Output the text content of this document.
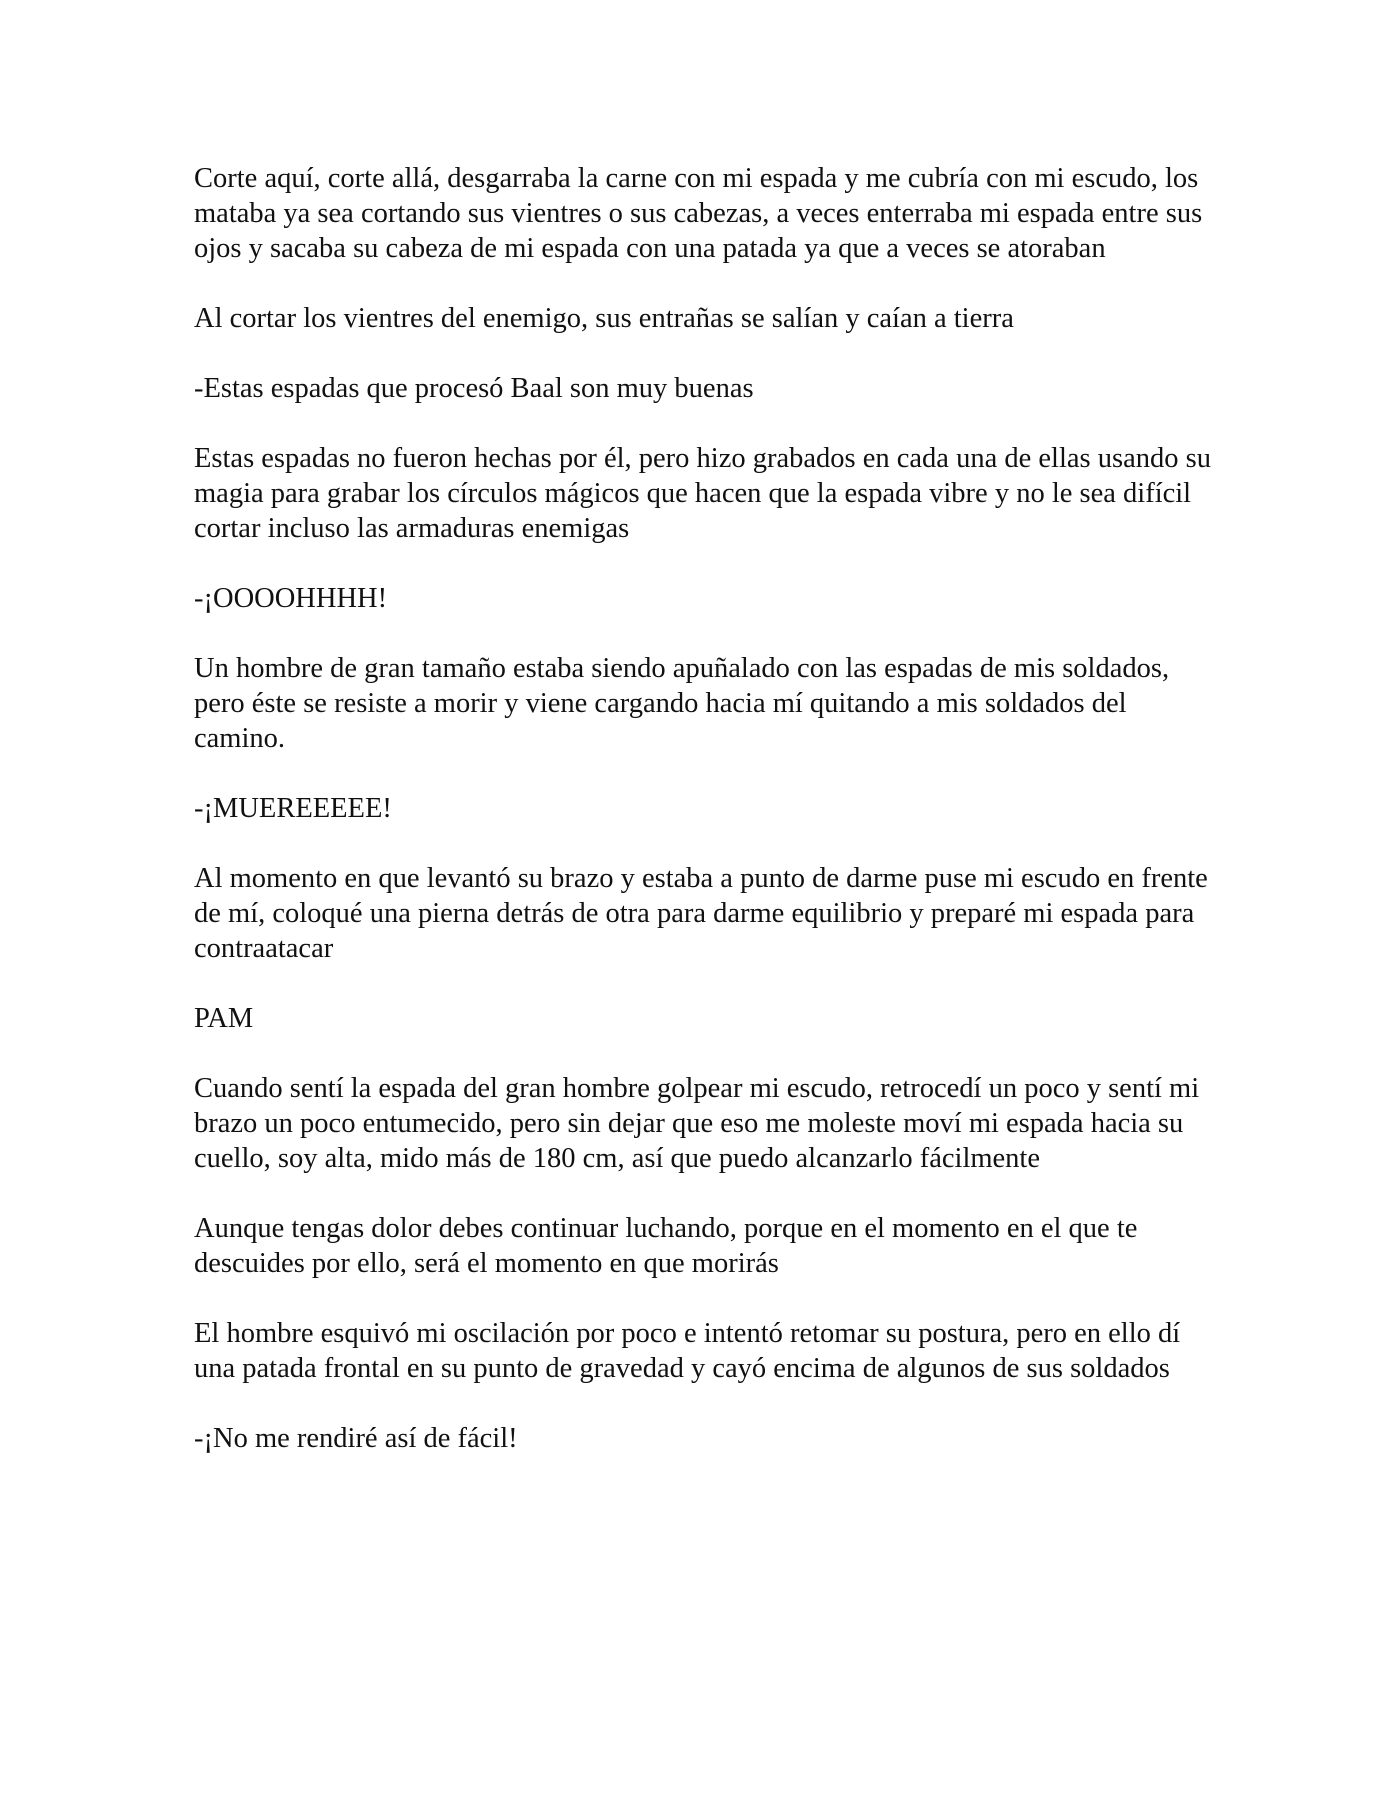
Corte aquí, corte allá, desgarraba la carne con mi espada y me cubría con mi escudo, los mataba ya sea cortando sus vientres o sus cabezas, a veces enterraba mi espada entre sus ojos y sacaba su cabeza de mi espada con una patada ya que a veces se atoraban

Al cortar los vientres del enemigo, sus entrañas se salían y caían a tierra

-Estas espadas que procesó Baal son muy buenas

Estas espadas no fueron hechas por él, pero hizo grabados en cada una de ellas usando su magia para grabar los círculos mágicos que hacen que la espada vibre y no le sea difícil cortar incluso las armaduras enemigas

-¡OOOOHHHH!

Un hombre de gran tamaño estaba siendo apuñalado con las espadas de mis soldados, pero éste se resiste a morir y viene cargando hacia mí quitando a mis soldados del camino.

-¡MUEREEEEE!

Al momento en que levantó su brazo y estaba a punto de darme puse mi escudo en frente de mí, coloqué una pierna detrás de otra para darme equilibrio y preparé mi espada para contraatacar

PAM

Cuando sentí la espada del gran hombre golpear mi escudo, retrocedí un poco y sentí mi brazo un poco entumecido, pero sin dejar que eso me moleste moví mi espada hacia su cuello, soy alta, mido más de 180 cm, así que puedo alcanzarlo fácilmente

Aunque tengas dolor debes continuar luchando, porque en el momento en el que te descuides por ello, será el momento en que morirás

El hombre esquivó mi oscilación por poco e intentó retomar su postura, pero en ello dí una patada frontal en su punto de gravedad y cayó encima de algunos de sus soldados

-¡No me rendiré así de fácil!
